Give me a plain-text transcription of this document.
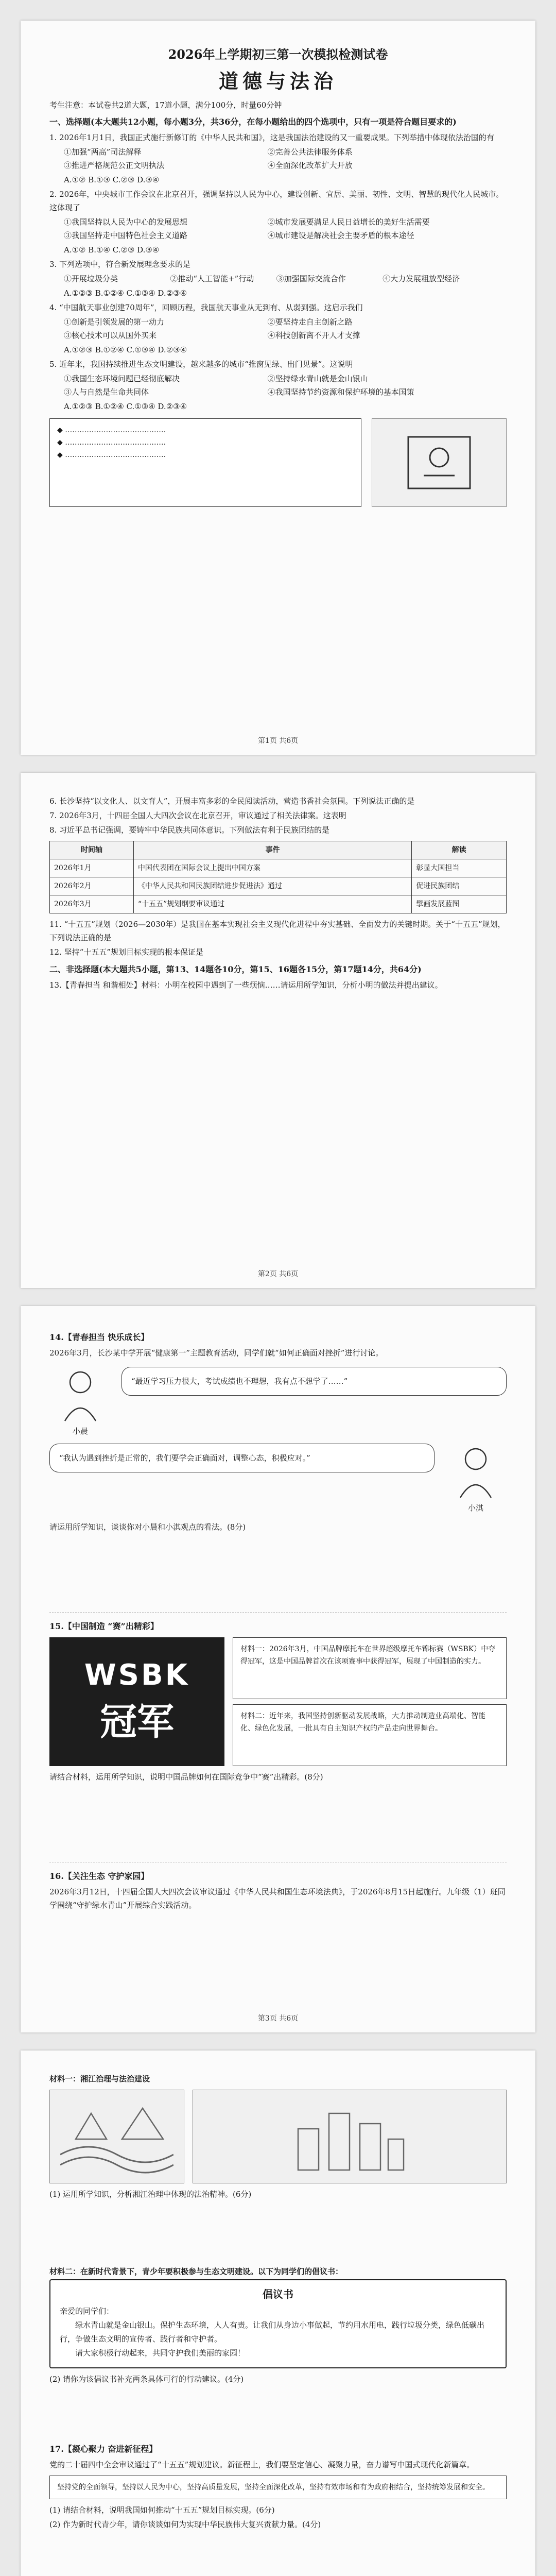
2026年上学期初三第一次模拟检测试卷
道德与法治
考生注意：本试卷共2道大题，17道小题，满分100分，时量60分钟
一、选择题(本大题共12小题，每小题3分，共36分，在每小题给出的四个选项中，只有一项是符合题目要求的)
1. 2026年1月1日，我国正式施行新修订的《中华人民共和国》，这是我国法治建设的又一重要成果。下列举措中体现依法治国的有
①加强“两高”司法解释	②完善公共法律服务体系
③推进严格规范公正文明执法	④全面深化改革扩大开放
A.①② B.①③ C.②③ D.③④
2. 2026年，中央城市工作会议在北京召开，强调坚持以人民为中心，建设创新、宜居、美丽、韧性、文明、智慧的现代化人民城市。这体现了
①我国坚持以人民为中心的发展思想	②城市发展要满足人民日益增长的美好生活需要
③我国坚持走中国特色社会主义道路	④城市建设是解决社会主要矛盾的根本途径
A.①② B.①④ C.②③ D.③④
3. 下列选项中，符合新发展理念要求的是
①开展垃圾分类	②推动“人工智能+”行动	③加强国际交流合作	④大力发展粗放型经济
A.①②③ B.①②④ C.①③④ D.②③④
4. “中国航天事业创建70周年”，回顾历程，我国航天事业从无到有、从弱到强。这启示我们
①创新是引领发展的第一动力	②要坚持走自主创新之路
③核心技术可以从国外买来	④科技创新离不开人才支撑
A.①②③ B.①②④ C.①③④ D.②③④
5. 近年来，我国持续推进生态文明建设，越来越多的城市“推窗见绿、出门见景”。这说明
①我国生态环境问题已经彻底解决	②坚持绿水青山就是金山银山
③人与自然是生命共同体	④我国坚持节约资源和保护环境的基本国策
A.①②③ B.①②④ C.①③④ D.②③④
◆ ……………………………………
◆ ……………………………………
◆ ……………………………………
第1页 共6页
6. 长沙坚持“以文化人、以文育人”，开展丰富多彩的全民阅读活动，营造书香社会氛围。下列说法正确的是
7. 2026年3月，十四届全国人大四次会议在北京召开，审议通过了相关法律案。这表明
8. 习近平总书记强调，要铸牢中华民族共同体意识。下列做法有利于民族团结的是
时间轴	事件	解读
2026年1月	中国代表团在国际会议上提出中国方案	彰显大国担当
2026年2月	《中华人民共和国民族团结进步促进法》通过	促进民族团结
2026年3月	“十五五”规划纲要审议通过	擘画发展蓝图
11. “十五五”规划（2026—2030年）是我国在基本实现社会主义现代化进程中夯实基础、全面发力的关键时期。关于“十五五”规划，下列说法正确的是
12. 坚持“十五五”规划目标实现的根本保证是
二、非选择题(本大题共5小题，第13、14题各10分，第15、16题各15分，第17题14分，共64分)
13.【青春担当 和谐相处】材料：小明在校园中遇到了一些烦恼……请运用所学知识，分析小明的做法并提出建议。
第2页 共6页
14.【青春担当 快乐成长】
2026年3月，长沙某中学开展“健康第一”主题教育活动，同学们就“如何正确面对挫折”进行讨论。
小晨
“最近学习压力很大，考试成绩也不理想，我有点不想学了……”
“我认为遇到挫折是正常的，我们要学会正确面对，调整心态，积极应对。”
小淇
请运用所学知识，谈谈你对小晨和小淇观点的看法。(8分)
15.【中国制造 “赛”出精彩】
WSBK
冠军
材料一：2026年3月，中国品牌摩托车在世界超级摩托车锦标赛（WSBK）中夺得冠军，这是中国品牌首次在该项赛事中获得冠军，展现了中国制造的实力。
材料二：近年来，我国坚持创新驱动发展战略，大力推动制造业高端化、智能化、绿色化发展，一批具有自主知识产权的产品走向世界舞台。
请结合材料，运用所学知识，说明中国品牌如何在国际竞争中“赛”出精彩。(8分)
16.【关注生态 守护家园】
2026年3月12日，十四届全国人大四次会议审议通过《中华人民共和国生态环境法典》，于2026年8月15日起施行。九年级（1）班同学围绕“守护绿水青山”开展综合实践活动。
第3页 共6页
材料一：湘江治理与法治建设
(1) 运用所学知识，分析湘江治理中体现的法治精神。(6分)
材料二：在新时代背景下，青少年要积极参与生态文明建设。以下为同学们的倡议书：
倡议书
亲爱的同学们：
绿水青山就是金山银山。保护生态环境，人人有责。让我们从身边小事做起，节约用水用电，践行垃圾分类，绿色低碳出行，争做生态文明的宣传者、践行者和守护者。
请大家积极行动起来，共同守护我们美丽的家园！
(2) 请你为该倡议书补充两条具体可行的行动建议。(4分)
17.【凝心聚力 奋进新征程】
党的二十届四中全会审议通过了“十五五”规划建议。新征程上，我们要坚定信心、凝聚力量，奋力谱写中国式现代化新篇章。
坚持党的全面领导，坚持以人民为中心，坚持高质量发展，坚持全面深化改革，坚持有效市场和有为政府相结合，坚持统筹发展和安全。
(1) 请结合材料，说明我国如何推动“十五五”规划目标实现。(6分)
(2) 作为新时代青少年，请你谈谈如何为实现中华民族伟大复兴贡献力量。(4分)
